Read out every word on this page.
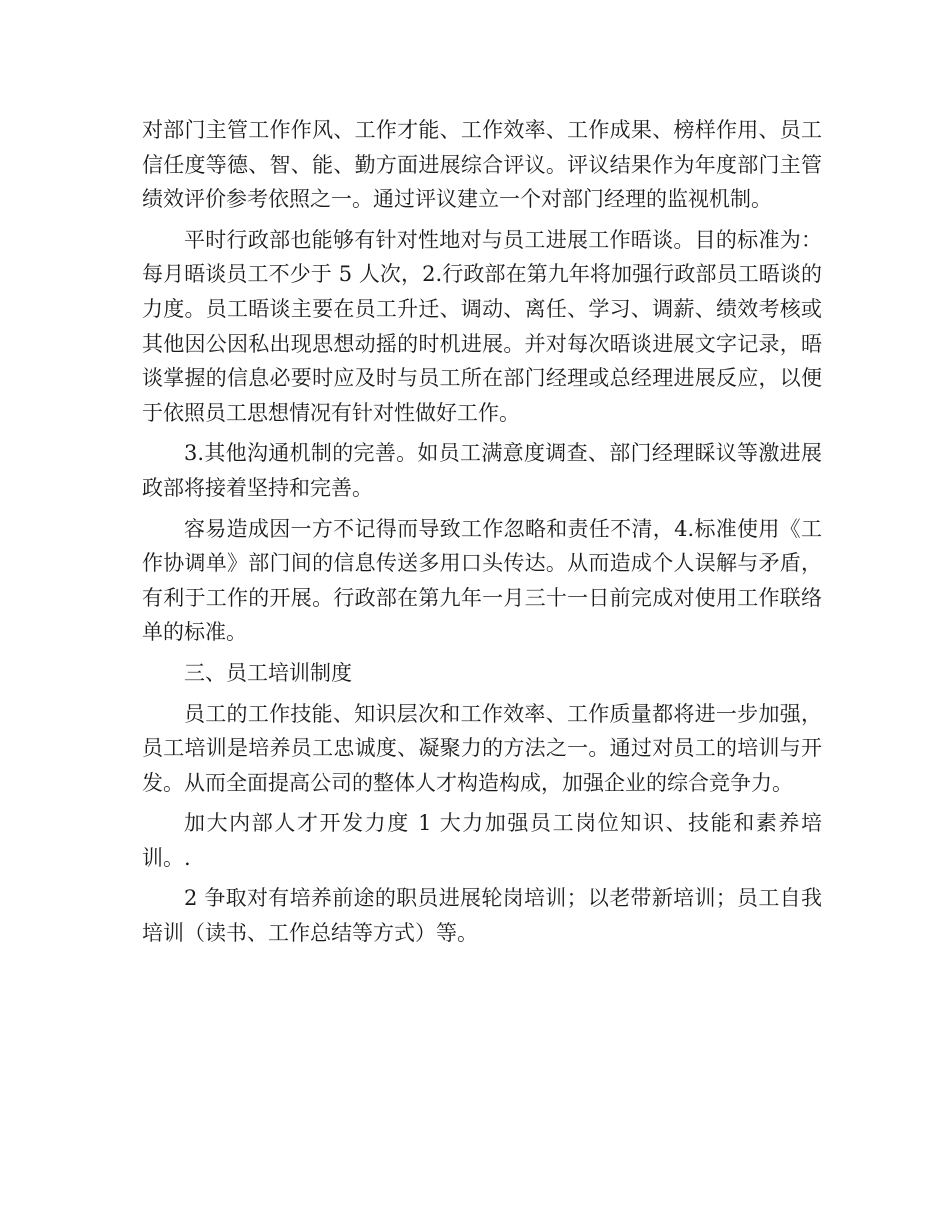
对部门主管工作作风、工作才能、工作效率、工作成果、榜样作用、员工信任度等德、智、能、勤方面进展综合评议。评议结果作为年度部门主管绩效评价参考依照之一。通过评议建立一个对部门经理的监视机制。

平时行政部也能够有针对性地对与员工进展工作晤谈。目的标准为：每月晤谈员工不少于 5 人次，2.行政部在第九年将加强行政部员工晤谈的力度。员工晤谈主要在员工升迁、调动、离任、学习、调薪、绩效考核或其他因公因私出现思想动摇的时机进展。并对每次晤谈进展文字记录，晤谈掌握的信息必要时应及时与员工所在部门经理或总经理进展反应，以便于依照员工思想情况有针对性做好工作。

3.其他沟通机制的完善。如员工满意度调查、部门经理睬议等激进展政部将接着坚持和完善。

容易造成因一方不记得而导致工作忽略和责任不清，4.标准使用《工作协调单》部门间的信息传送多用口头传达。从而造成个人误解与矛盾，有利于工作的开展。行政部在第九年一月三十一日前完成对使用工作联络单的标准。

三、员工培训制度

员工的工作技能、知识层次和工作效率、工作质量都将进一步加强，员工培训是培养员工忠诚度、凝聚力的方法之一。通过对员工的培训与开发。从而全面提高公司的整体人才构造构成，加强企业的综合竞争力。

加大内部人才开发力度 1 大力加强员工岗位知识、技能和素养培训。.

2 争取对有培养前途的职员进展轮岗培训；以老带新培训；员工自我培训（读书、工作总结等方式）等。
